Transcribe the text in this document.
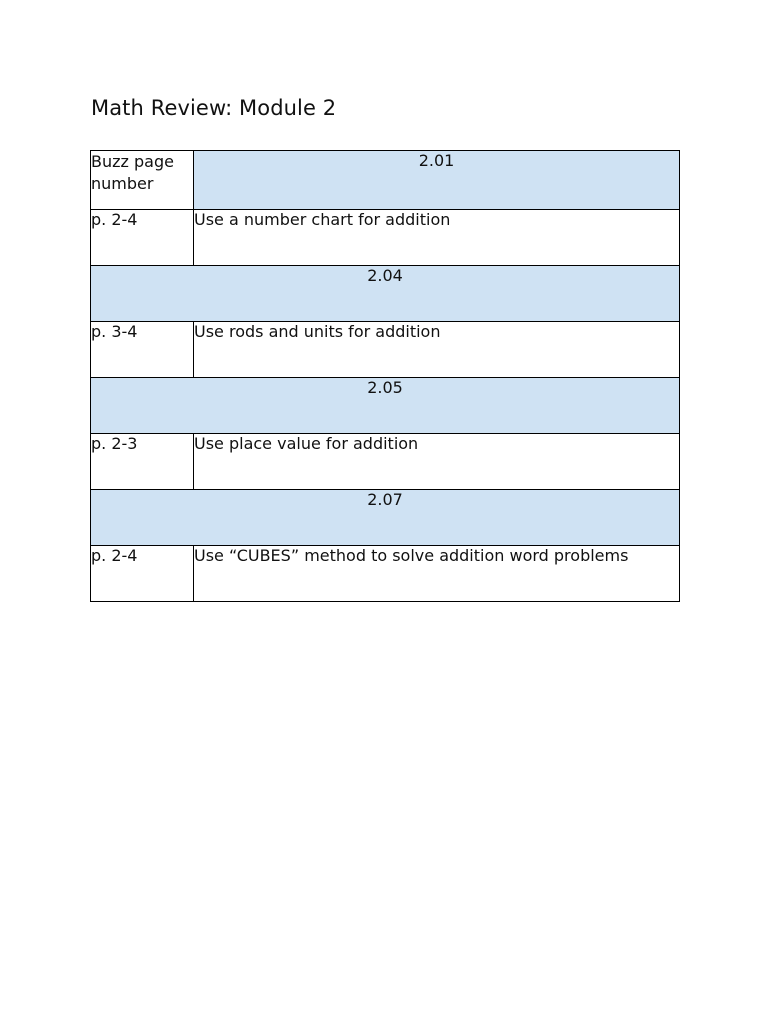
Math Review: Module 2
Buzz page number	2.01
p. 2-4	Use a number chart for addition
2.04	
p. 3-4	Use rods and units for addition
2.05	
p. 2-3	Use place value for addition
2.07	
p. 2-4	Use “CUBES” method to solve addition word problems
